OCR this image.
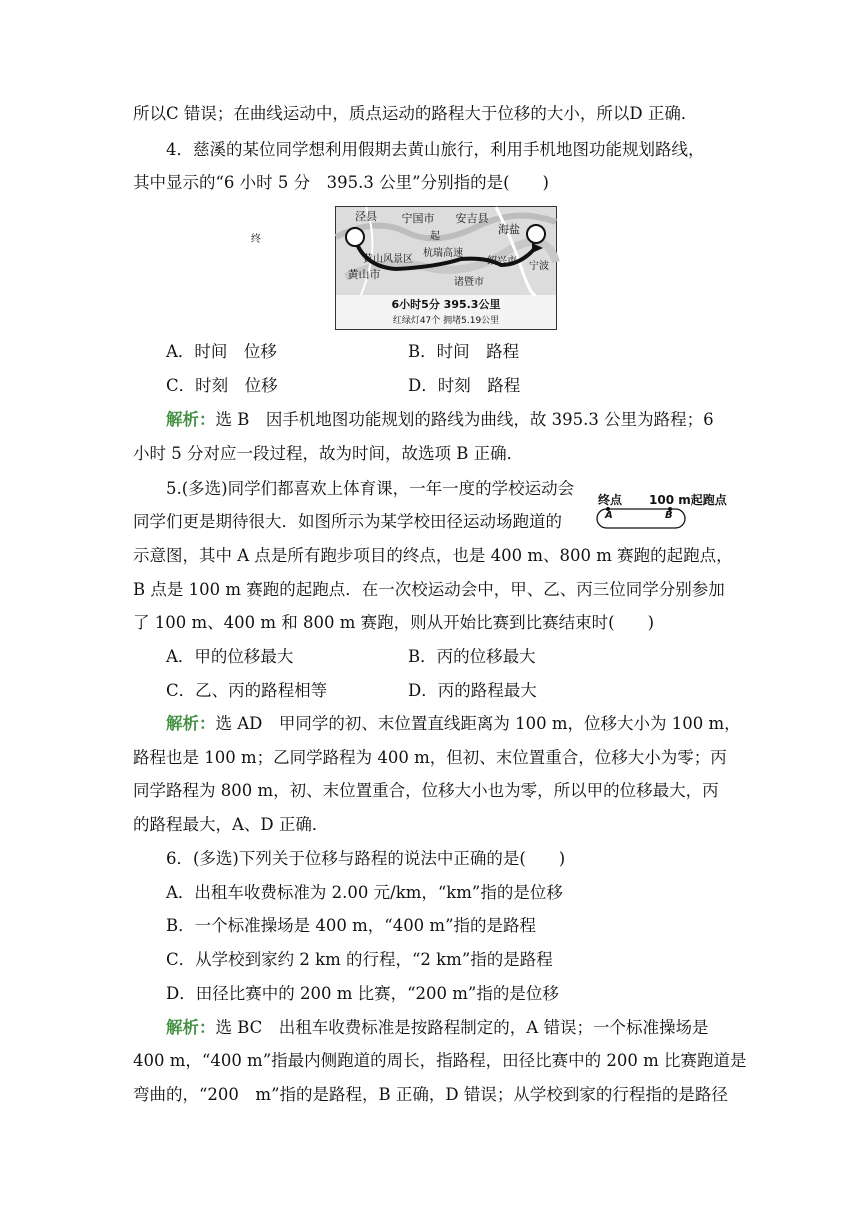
所以C 错误；在曲线运动中，质点运动的路程大于位移的大小，所以D 正确．
4．慈溪的某位同学想利用假期去黄山旅行，利用手机地图功能规划路线，
其中显示的“6 小时 5 分　395.3 公里”分别指的是(　　)
泾县	宁国市	安吉县
海盐
终	起
黄山风景区
杭瑞高速
绍兴市	宁波
黄山市
诸暨市
6小时5分 395.3公里
红绿灯47个 拥堵5.19公里
A．时间　位移	B．时间　路程
C．时刻　位移	D．时刻　路程
解析：选 B　因手机地图功能规划的路线为曲线，故 395.3 公里为路程；6
小时 5 分对应一段过程，故为时间，故选项 B 正确．
5.(多选)同学们都喜欢上体育课，一年一度的学校运动会
同学们更是期待很大．如图所示为某学校田径运动场跑道的
终点 100 m起跑点
A	B
示意图，其中 A 点是所有跑步项目的终点，也是 400 m、800 m 赛跑的起跑点，
B 点是 100 m 赛跑的起跑点．在一次校运动会中，甲、乙、丙三位同学分别参加
了 100 m、400 m 和 800 m 赛跑，则从开始比赛到比赛结束时(　　)
A．甲的位移最大	B．丙的位移最大
C．乙、丙的路程相等	D．丙的路程最大
解析：选 AD　甲同学的初、末位置直线距离为 100 m，位移大小为 100 m，
路程也是 100 m；乙同学路程为 400 m，但初、末位置重合，位移大小为零；丙
同学路程为 800 m，初、末位置重合，位移大小也为零，所以甲的位移最大，丙
的路程最大，A、D 正确．
6．(多选)下列关于位移与路程的说法中正确的是(　　)
A．出租车收费标准为 2.00 元/km，“km”指的是位移
B．一个标准操场是 400 m，“400 m”指的是路程
C．从学校到家约 2 km 的行程，“2 km”指的是路程
D．田径比赛中的 200 m 比赛，“200 m”指的是位移
解析：选 BC　出租车收费标准是按路程制定的，A 错误；一个标准操场是
400 m，“400 m”指最内侧跑道的周长，指路程，田径比赛中的 200 m 比赛跑道是
弯曲的，“200　m”指的是路程，B 正确，D 错误；从学校到家的行程指的是路径
